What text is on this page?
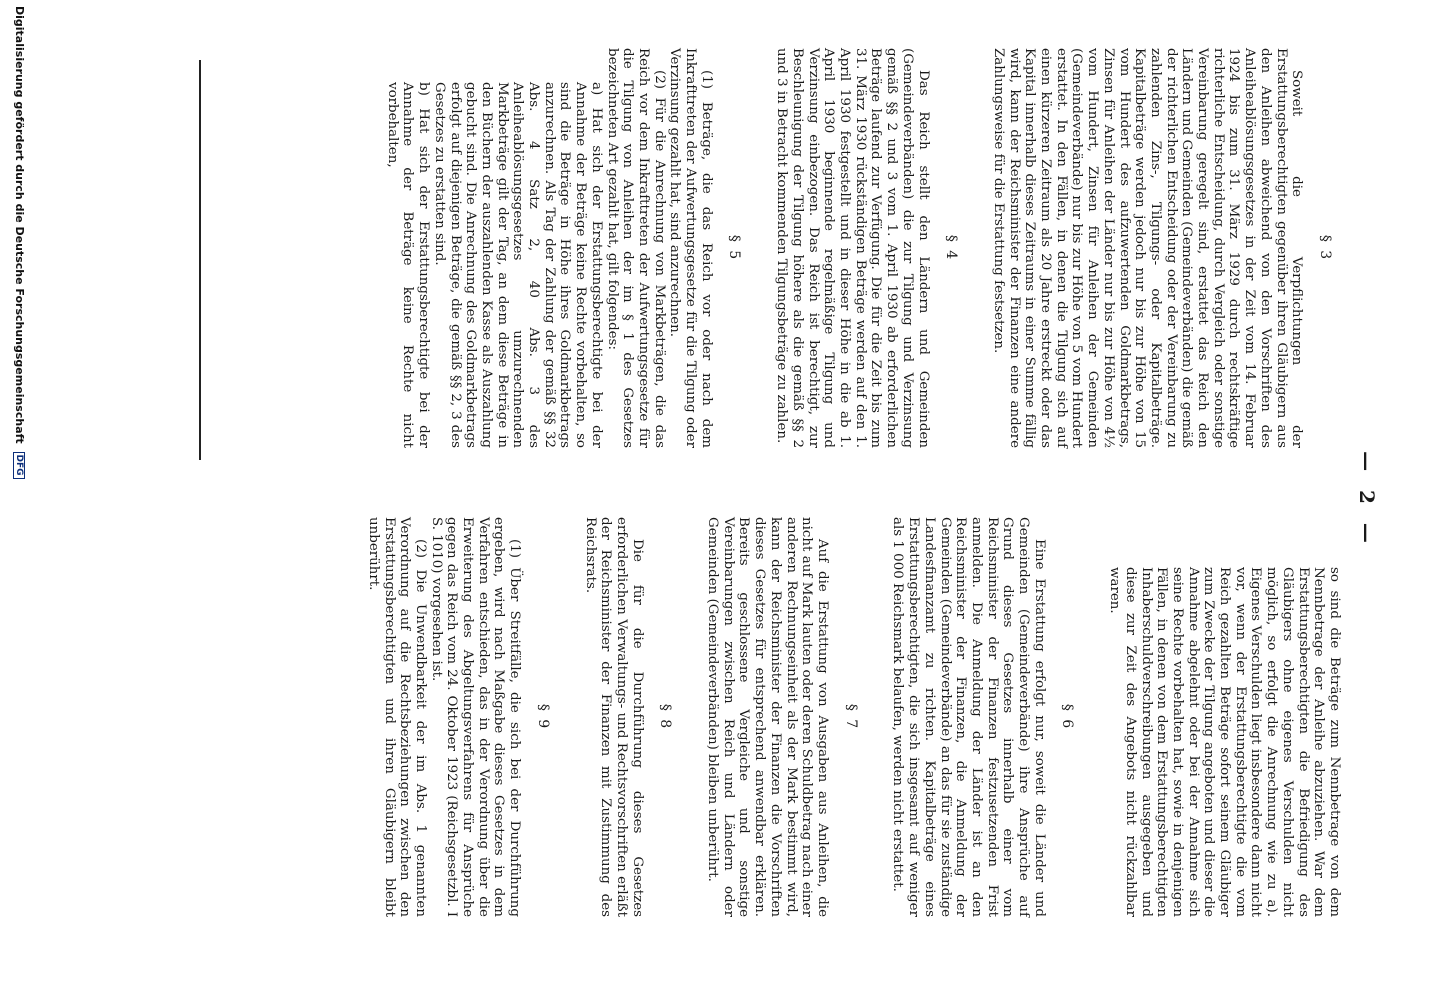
— 2 —
§ 3

Soweit die Verpflichtungen der Erstattungsberechtigten gegenüber ihren Gläubigern aus den Anleihen abweichend von den Vorschriften des Anleiheablösungsgesetzes in der Zeit vom 14. Februar 1924 bis zum 31. März 1929 durch rechtskräftige richterliche Entscheidung, durch Vergleich oder sonstige Vereinbarung geregelt sind, erstattet das Reich den Ländern und Gemeinden (Gemeindeverbänden) die gemäß der richterlichen Entscheidung oder der Vereinbarung zu zahlenden Zins-, Tilgungs- oder Kapitalbeträge. Kapitalbeträge werden jedoch nur bis zur Höhe von 15 vom Hundert des aufzuwertenden Goldmarkbetrags, Zinsen für Anleihen der Länder nur bis zur Höhe von 4½ vom Hundert, Zinsen für Anleihen der Gemeinden (Gemeindeverbände) nur bis zur Höhe von 5 vom Hundert erstattet. In den Fällen, in denen die Tilgung sich auf einen kürzeren Zeitraum als 20 Jahre erstreckt oder das Kapital innerhalb dieses Zeitraums in einer Summe fällig wird, kann der Reichsminister der Finanzen eine andere Zahlungsweise für die Erstattung festsetzen.

§ 4

Das Reich stellt den Ländern und Gemeinden (Gemeindeverbänden) die zur Tilgung und Verzinsung gemäß §§ 2 und 3 vom 1. April 1930 ab erforderlichen Beträge laufend zur Verfügung. Die für die Zeit bis zum 31. März 1930 rückständigen Beträge werden auf den 1. April 1930 festgestellt und in dieser Höhe in die ab 1. April 1930 beginnende regelmäßige Tilgung und Verzinsung einbezogen. Das Reich ist berechtigt, zur Beschleunigung der Tilgung höhere als die gemäß §§ 2 und 3 in Betracht kommenden Tilgungsbeträge zu zahlen.

§ 5

(1) Beträge, die das Reich vor oder nach dem Inkrafttreten der Aufwertungsgesetze für die Tilgung oder Verzinsung gezahlt hat, sind anzurechnen.

(2) Für die Anrechnung von Markbeträgen, die das Reich vor dem Inkrafttreten der Aufwertungsgesetze für die Tilgung von Anleihen der im § 1 des Gesetzes bezeichneten Art gezahlt hat, gilt folgendes:

a) Hat sich der Erstattungsberechtigte bei der Annahme der Beträge keine Rechte vorbehalten, so sind die Beträge in Höhe ihres Goldmarkbetrags anzurechnen. Als Tag der Zahlung der gemäß §§ 32 Abs. 4 Satz 2, 40 Abs. 3 des Anleiheablösungsgesetzes umzurechnenden Markbeträge gilt der Tag, an dem diese Beträge in den Büchern der auszahlenden Kasse als Auszahlung gebucht sind. Die Anrechnung des Goldmarkbetrags erfolgt auf diejenigen Beträge, die gemäß §§ 2, 3 des Gesetzes zu erstatten sind.

b) Hat sich der Erstattungsberechtigte bei der Annahme der Beträge keine Rechte nicht vorbehalten,

so sind die Beträge zum Nennbetrage von dem Nennbetrage der Anleihe abzuziehen. War dem Erstattungsberechtigten die Befriedigung des Gläubigers ohne eigenes Verschulden nicht möglich, so erfolgt die Anrechnung wie zu a). Eigenes Verschulden liegt insbesondere dann nicht vor, wenn der Erstattungsberechtigte die vom Reich gezahlten Beträge sofort seinem Gläubiger zum Zwecke der Tilgung angeboten und dieser die Annahme abgelehnt oder bei der Annahme sich seine Rechte vorbehalten hat, sowie in denjenigen Fällen, in denen von dem Erstattungsberechtigten Inhaberschuldverschreibungen ausgegeben und diese zur Zeit des Angebots nicht rückzahlbar waren.

§ 6

Eine Erstattung erfolgt nur, soweit die Länder und Gemeinden (Gemeindeverbände) ihre Ansprüche auf Grund dieses Gesetzes innerhalb einer vom Reichsminister der Finanzen festzusetzenden Frist anmelden. Die Anmeldung der Länder ist an den Reichsminister der Finanzen, die Anmeldung der Gemeinden (Gemeindeverbände) an das für sie zuständige Landesfinanzamt zu richten. Kapitalbeträge eines Erstattungsberechtigten, die sich insgesamt auf weniger als 1 000 Reichsmark belaufen, werden nicht erstattet.

§ 7

Auf die Erstattung von Ausgaben aus Anleihen, die nicht auf Mark lauten oder deren Schuldbetrag nach einer anderen Rechnungseinheit als der Mark bestimmt wird, kann der Reichsminister der Finanzen die Vorschriften dieses Gesetzes für entsprechend anwendbar erklären. Bereits geschlossene Vergleiche und sonstige Vereinbarungen zwischen Reich und Ländern oder Gemeinden (Gemeindeverbänden) bleiben unberührt.

§ 8

Die für die Durchführung dieses Gesetzes erforderlichen Verwaltungs- und Rechtsvorschriften erläßt der Reichsminister der Finanzen mit Zustimmung des Reichsrats.

§ 9

(1) Über Streitfälle, die sich bei der Durchführung ergeben, wird nach Maßgabe dieses Gesetzes in dem Verfahren entschieden, das in der Verordnung über die Erweiterung des Abgeltungsverfahrens für Ansprüche gegen das Reich vom 24. Oktober 1923 (Reichsgesetzbl. I S. 1010) vorgesehen ist.

(2) Die Unwendbarkeit der im Abs. 1 genannten Verordnung auf die Rechtsbeziehungen zwischen den Erstattungsberechtigten und ihren Gläubigern bleibt unberührt.

Digitalisierung gefördert durch die Deutsche Forschungsgemeinschaft DFG
